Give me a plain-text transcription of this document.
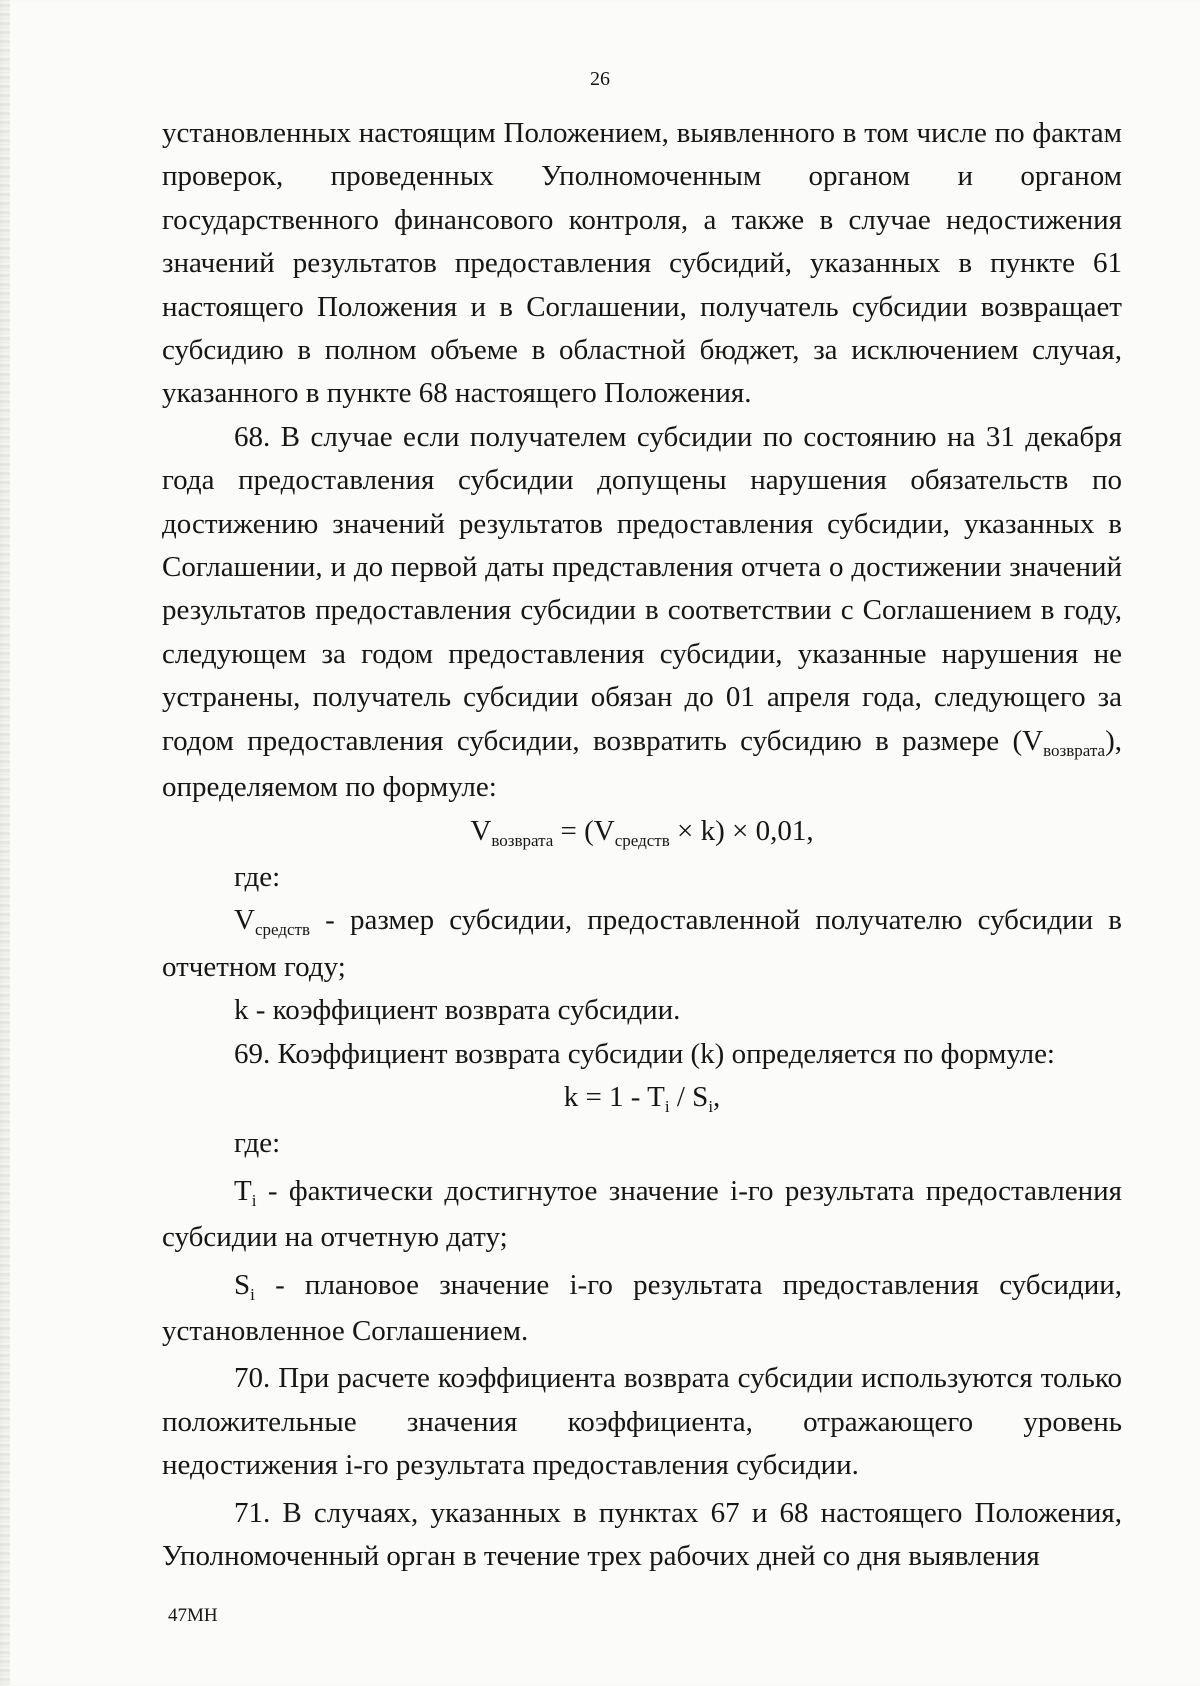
26

установленных настоящим Положением, выявленного в том числе по фактам проверок, проведенных Уполномоченным органом и органом государственного финансового контроля, а также в случае недостижения значений результатов предоставления субсидий, указанных в пункте 61 настоящего Положения и в Соглашении, получатель субсидии возвращает субсидию в полном объеме в областной бюджет, за исключением случая, указанного в пункте 68 настоящего Положения.

68. В случае если получателем субсидии по состоянию на 31 декабря года предоставления субсидии допущены нарушения обязательств по достижению значений результатов предоставления субсидии, указанных в Соглашении, и до первой даты представления отчета о достижении значений результатов предоставления субсидии в соответствии с Соглашением в году, следующем за годом предоставления субсидии, указанные нарушения не устранены, получатель субсидии обязан до 01 апреля года, следующего за годом предоставления субсидии, возвратить субсидию в размере $(V_{возврата})$, определяемом по формуле:

$V_{возврата} = (V_{средств} \times k) \times 0,01$,

где:

$V_{средств}$ - размер субсидии, предоставленной получателю субсидии в отчетном году;

k - коэффициент возврата субсидии.

69. Коэффициент возврата субсидии (k) определяется по формуле:

$k = 1 - T_i / S_i$,

где:

$T_i$ - фактически достигнутое значение i-го результата предоставления субсидии на отчетную дату;

$S_i$ - плановое значение i-го результата предоставления субсидии, установленное Соглашением.

70. При расчете коэффициента возврата субсидии используются только положительные значения коэффициента, отражающего уровень недостижения i-го результата предоставления субсидии.

71. В случаях, указанных в пунктах 67 и 68 настоящего Положения, Уполномоченный орган в течение трех рабочих дней со дня выявления

47МН
